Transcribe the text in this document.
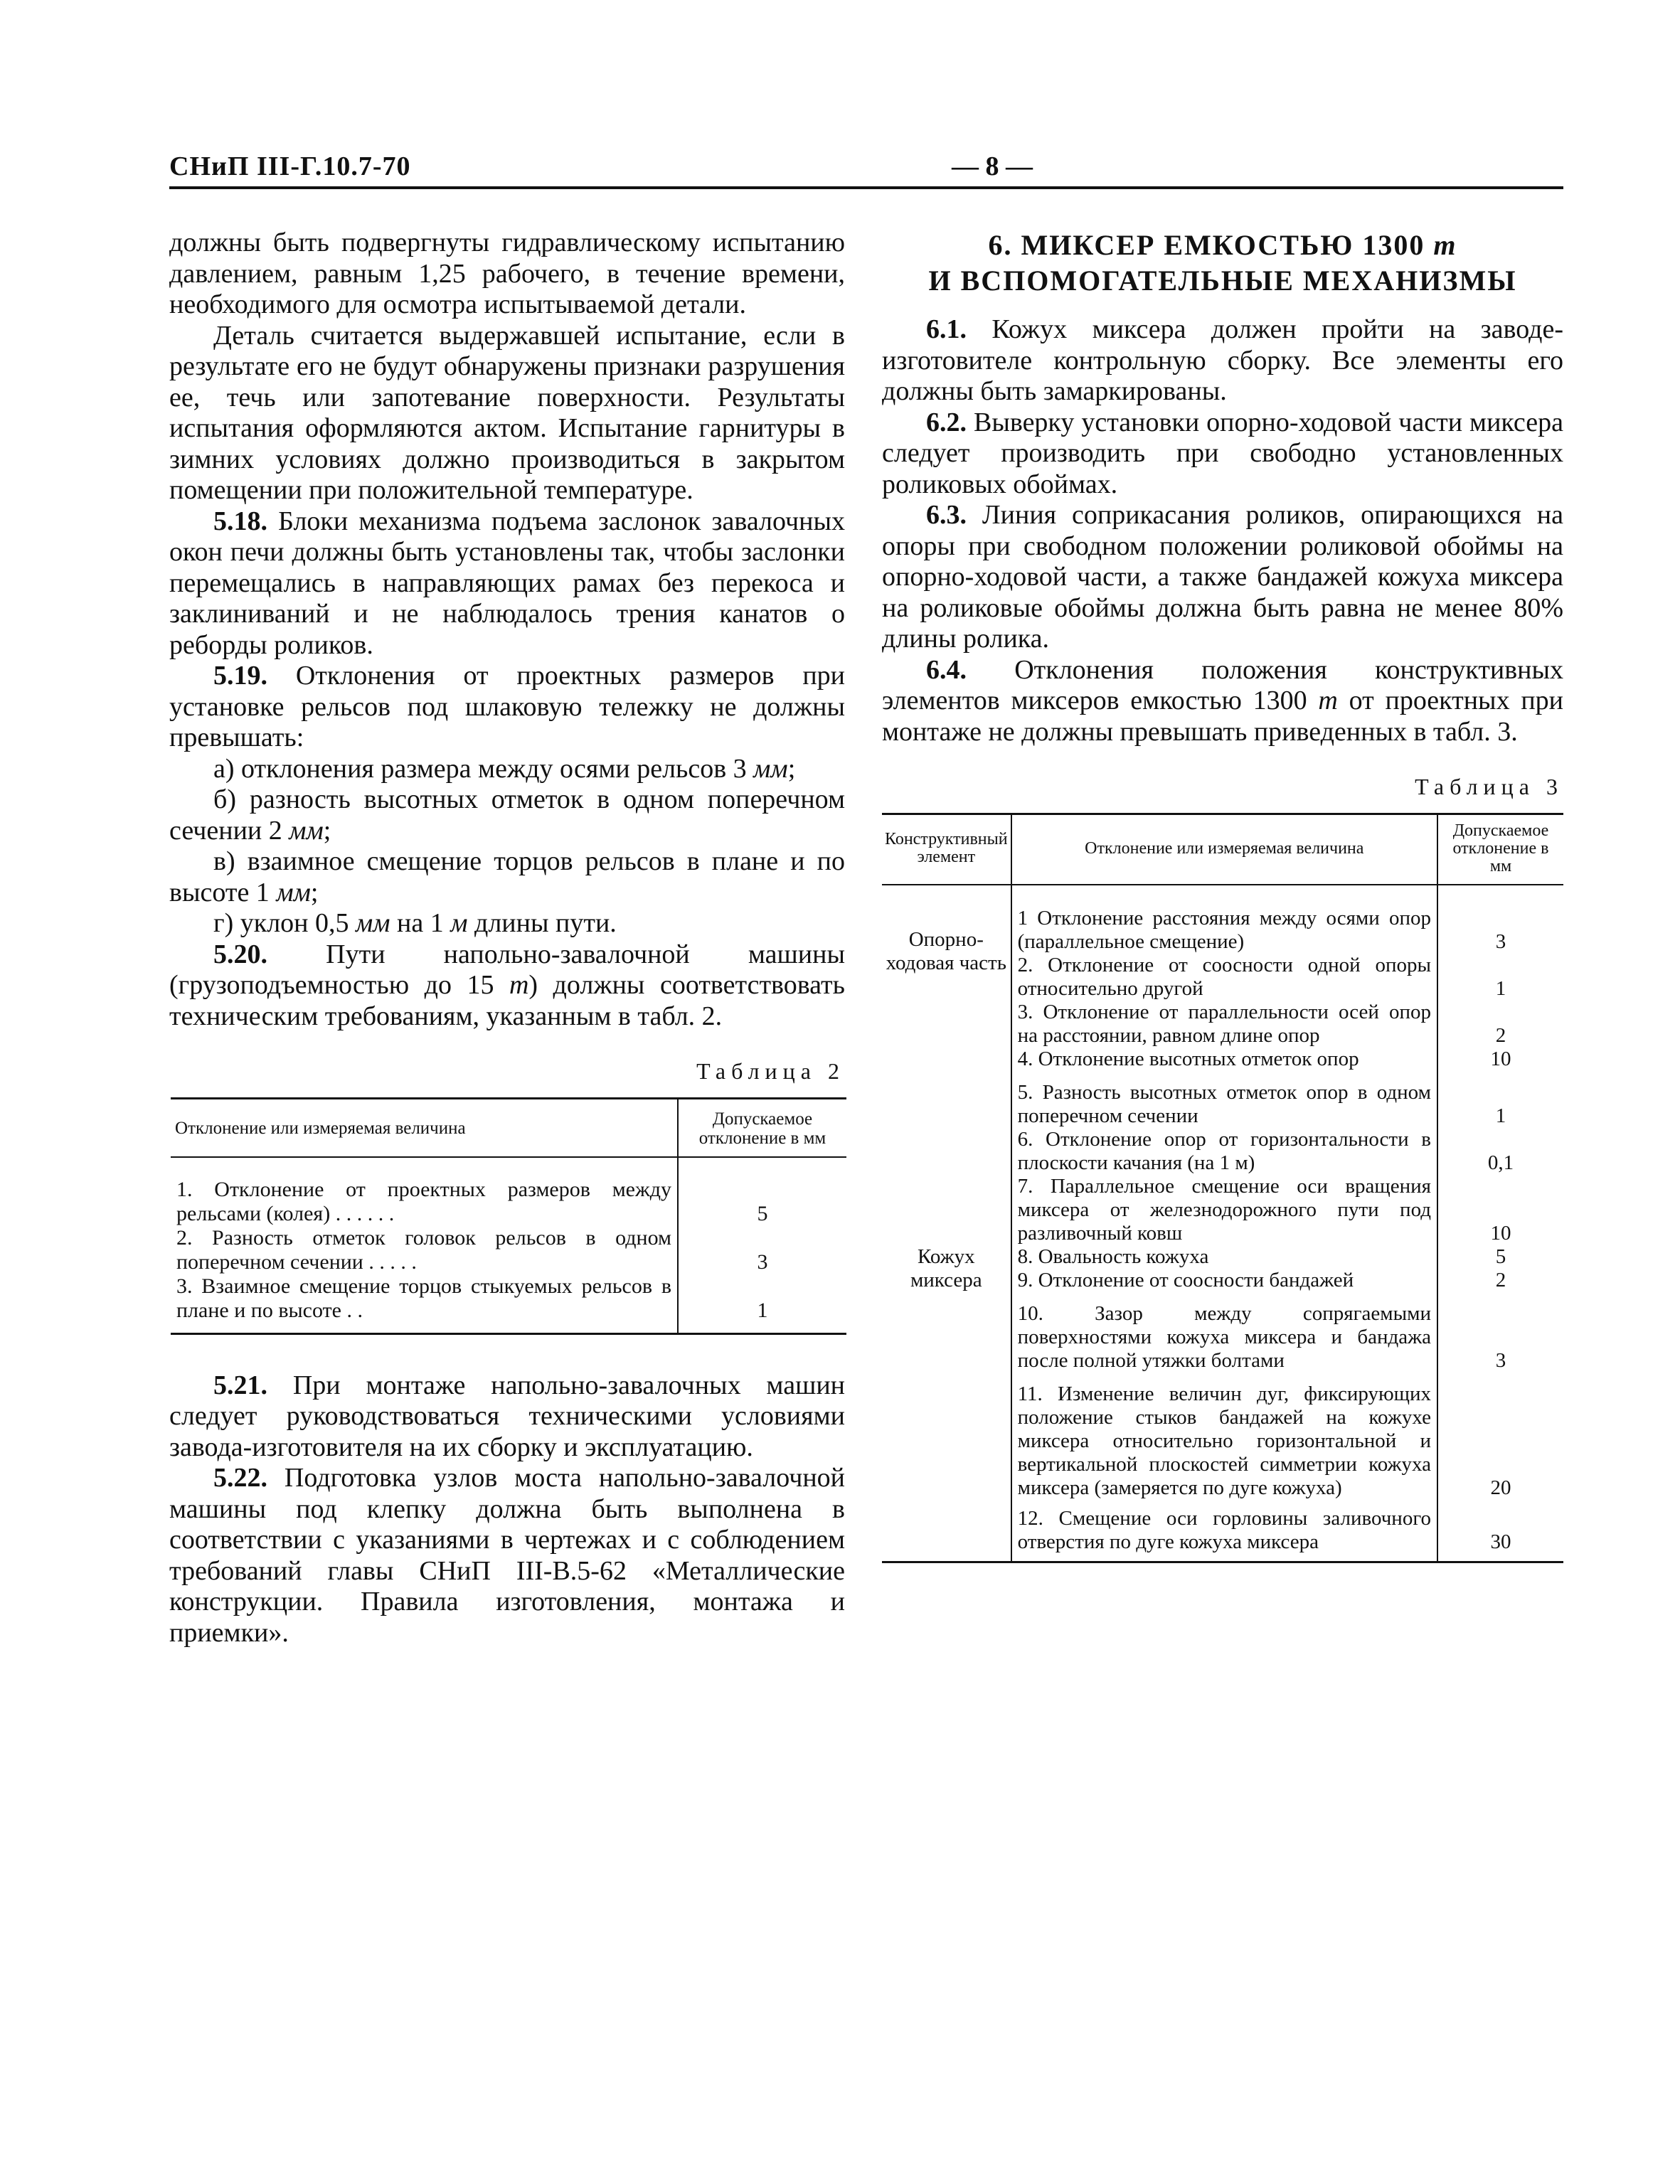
СНиП III-Г.10.7-70	— 8 —

должны быть подвергнуты гидравлическому испытанию давлением, равным 1,25 рабочего, в течение времени, необходимого для осмотра испытываемой детали.

Деталь считается выдержавшей испытание, если в результате его не будут обнаружены признаки разрушения ее, течь или запотевание поверхности. Результаты испытания оформляются актом. Испытание гарнитуры в зимних условиях должно производиться в закрытом помещении при положительной температуре.

5.18. Блоки механизма подъема заслонок завалочных окон печи должны быть установлены так, чтобы заслонки перемещались в направляющих рамах без перекоса и заклиниваний и не наблюдалось трения канатов о реборды роликов.

5.19. Отклонения от проектных размеров при установке рельсов под шлаковую тележку не должны превышать:

а) отклонения размера между осями рельсов 3 мм;

б) разность высотных отметок в одном поперечном сечении 2 мм;

в) взаимное смещение торцов рельсов в плане и по высоте 1 мм;

г) уклон 0,5 мм на 1 м длины пути.

5.20. Пути напольно-завалочной машины (грузоподъемностью до 15 т) должны соответствовать техническим требованиям, указанным в табл. 2.

Таблица 2
Отклонение или измеряемая величина	Допускаемое отклонение в мм

1. Отклонение от проектных размеров между рельсами (колея) . . . . . .	5
2. Разность отметок головок рельсов в одном поперечном сечении . . . . .	3
3. Взаимное смещение торцов стыкуемых рельсов в плане и по высоте . .	1

5.21. При монтаже напольно-завалочных машин следует руководствоваться техническими условиями завода-изготовителя на их сборку и эксплуатацию.

5.22. Подготовка узлов моста напольно-завалочной машины под клепку должна быть выполнена в соответствии с указаниями в чертежах и с соблюдением требований главы СНиП III-В.5-62 «Металлические конструкции. Правила изготовления, монтажа и приемки».

6. МИКСЕР ЕМКОСТЬЮ 1300 т
И ВСПОМОГАТЕЛЬНЫЕ МЕХАНИЗМЫ

6.1. Кожух миксера должен пройти на заводе-изготовителе контрольную сборку. Все элементы его должны быть замаркированы.

6.2. Выверку установки опорно-ходовой части миксера следует производить при свободно установленных роликовых обоймах.

6.3. Линия соприкасания роликов, опирающихся на опоры при свободном положении роликовой обоймы на опорно-ходовой части, а также бандажей кожуха миксера на роликовые обоймы должна быть равна не менее 80% длины ролика.

6.4. Отклонения положения конструктивных элементов миксеров емкостью 1300 т от проектных при монтаже не должны превышать приведенных в табл. 3.

Таблица 3
Конструктивный элемент	Отклонение или измеряемая величина	Допускаемое отклонение в мм

Опорно-ходовая часть	1 Отклонение расстояния между осями опор (параллельное смещение)	3
	2. Отклонение от соосности одной опоры относительно другой	1
	3. Отклонение от параллельности осей опор на расстоянии, равном длине опор	2
	4. Отклонение высотных отметок опор	10
	5. Разность высотных отметок опор в одном поперечном сечении	1
	6. Отклонение опор от горизонтальности в плоскости качания (на 1 м)	0,1
	7. Параллельное смещение оси вращения миксера от железнодорожного пути под разливочный ковш	10
Кожух миксера	8. Овальность кожуха	5
	9. Отклонение от соосности бандажей	2
	10. Зазор между сопрягаемыми поверхностями кожуха миксера и бандажа после полной утяжки болтами	3
	11. Изменение величин дуг, фиксирующих положение стыков бандажей на кожухе миксера относительно горизонтальной и вертикальной плоскостей симметрии кожуха миксера (замеряется по дуге кожуха)	20
	12. Смещение оси горловины заливочного отверстия по дуге кожуха миксера	30
